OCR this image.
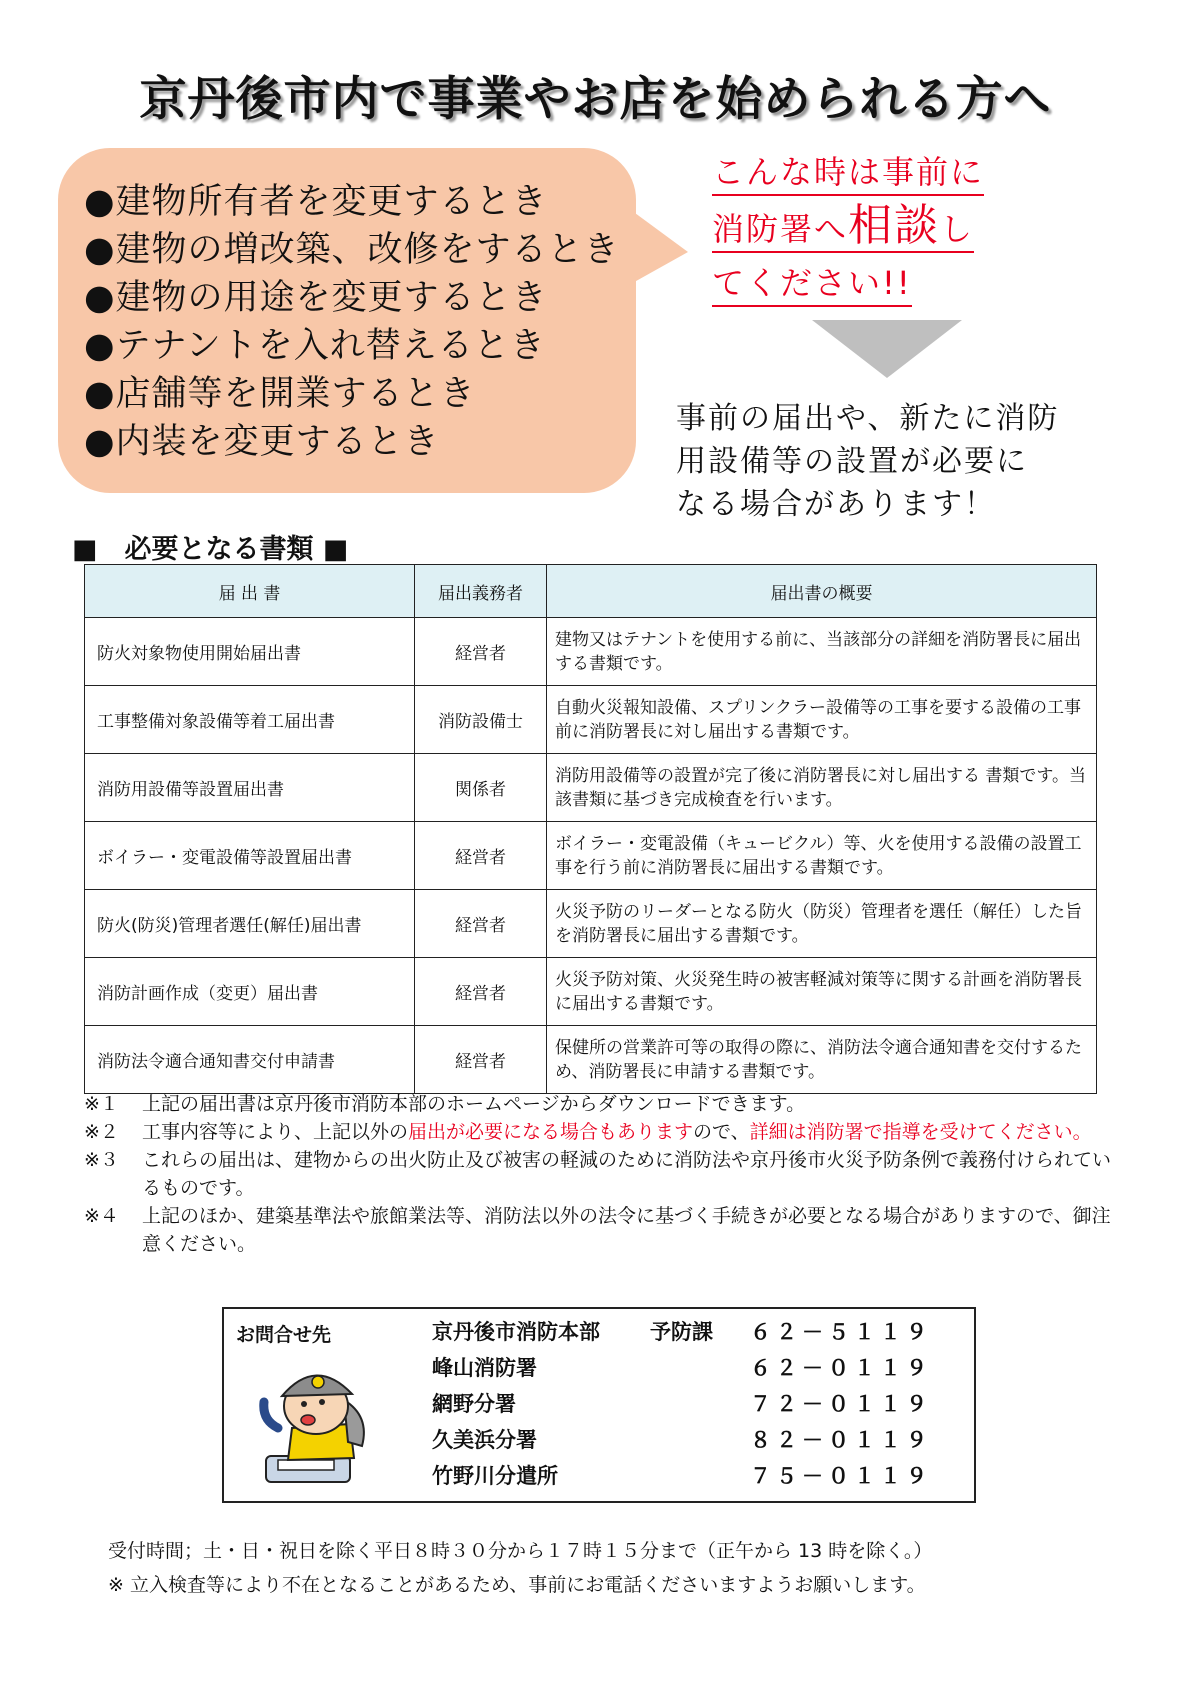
京丹後市内で事業やお店を始められる方へ
●建物所有者を変更するとき
●建物の増改築、改修をするとき
●建物の用途を変更するとき
●テナントを入れ替えるとき
●店舗等を開業するとき
●内装を変更するとき
こんな時は事前に
消防署へ相談し
てください!!
事前の届出や、新たに消防
用設備等の設置が必要に
なる場合があります！
■　必要となる書類 ■
届 出 書	届出義務者	届出書の概要
防火対象物使用開始届出書	経営者	建物又はテナントを使用する前に、当該部分の詳細を消防署長に届出する書類です。
工事整備対象設備等着工届出書	消防設備士	自動火災報知設備、スプリンクラー設備等の工事を要する設備の工事前に消防署長に対し届出する書類です。
消防用設備等設置届出書	関係者	消防用設備等の設置が完了後に消防署長に対し届出する 書類です。当該書類に基づき完成検査を行います。
ボイラー・変電設備等設置届出書	経営者	ボイラー・変電設備（キュービクル）等、火を使用する設備の設置工事を行う前に消防署長に届出する書類です。
防火(防災)管理者選任(解任)届出書	経営者	火災予防のリーダーとなる防火（防災）管理者を選任（解任）した旨を消防署長に届出する書類です。
消防計画作成（変更）届出書	経営者	火災予防対策、火災発生時の被害軽減対策等に関する計画を消防署長に届出する書類です。
消防法令適合通知書交付申請書	経営者	保健所の営業許可等の取得の際に、消防法令適合通知書を交付するため、消防署長に申請する書類です。
※１	上記の届出書は京丹後市消防本部のホームページからダウンロードできます。
※２	工事内容等により、上記以外の届出が必要になる場合もありますので、詳細は消防署で指導を受けてください。
※３	これらの届出は、建物からの出火防止及び被害の軽減のために消防法や京丹後市火災予防条例で義務付けられているものです。
※４	上記のほか、建築基準法や旅館業法等、消防法以外の法令に基づく手続きが必要となる場合がありますので、御注意ください。
お問合せ先	京丹後市消防本部 予防課 ６２－５１１９
峰山消防署	６２－０１１９
網野分署	７２－０１１９
久美浜分署	８２－０１１９
竹野川分遣所	７５－０１１９
受付時間；土・日・祝日を除く平日８時３０分から１７時１５分まで（正午から 13 時を除く。）
※ 立入検査等により不在となることがあるため、事前にお電話くださいますようお願いします。
